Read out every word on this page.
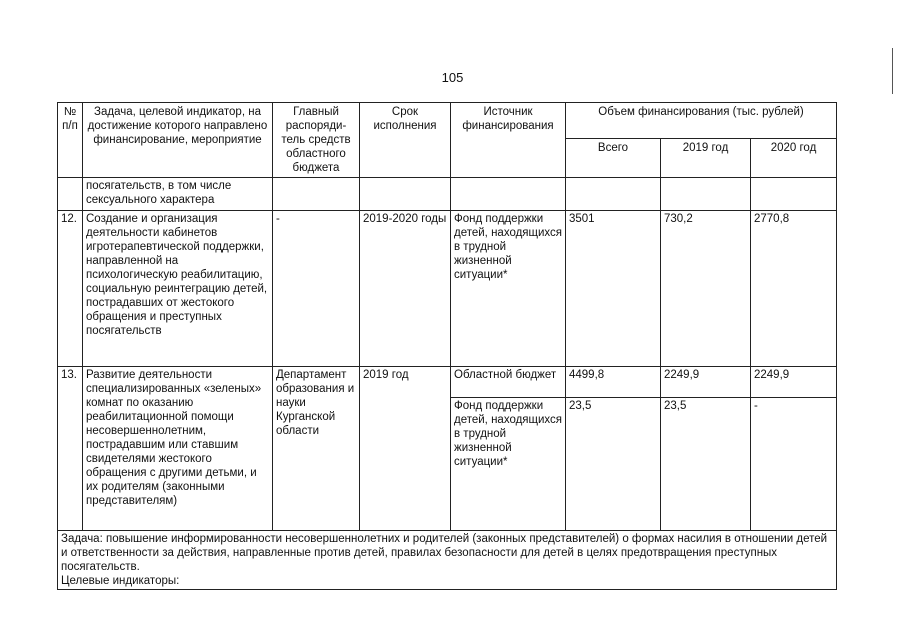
105
№ п/п	Задача, целевой индикатор, на достижение которого направлено финансирование, мероприятие	Главный распоряди-тель средств областного бюджета	Срок исполнения	Источник финансирования	Объем финансирования (тыс. рублей)		
					Всего	2019 год	2020 год
	посягательств, в том числе сексуального характера						
12.	Создание и организация деятельности кабинетов игротерапевтической поддержки, направленной на психологическую реабилитацию, социальную реинтеграцию детей, пострадавших от жестокого обращения и преступных посягательств	-	2019-2020 годы	Фонд поддержки детей, находящихся в трудной жизненной ситуации*	3501	730,2	2770,8
13.	Развитие деятельности специализированных «зеленых» комнат по оказанию реабилитационной помощи несовершеннолетним, пострадавшим или ставшим свидетелями жестокого обращения с другими детьми, и их родителям (законными представителям)	Департамент образования и науки Курганской области	2019 год	Областной бюджет	4499,8	2249,9	2249,9
				Фонд поддержки детей, находящихся в трудной жизненной ситуации*	23,5	23,5	-

Задача: повышение информированности несовершеннолетних и родителей (законных представителей) о формах насилия в отношении детей и ответственности за действия, направленные против детей, правилах безопасности для детей в целях предотвращения преступных посягательств.
Целевые индикаторы:							
